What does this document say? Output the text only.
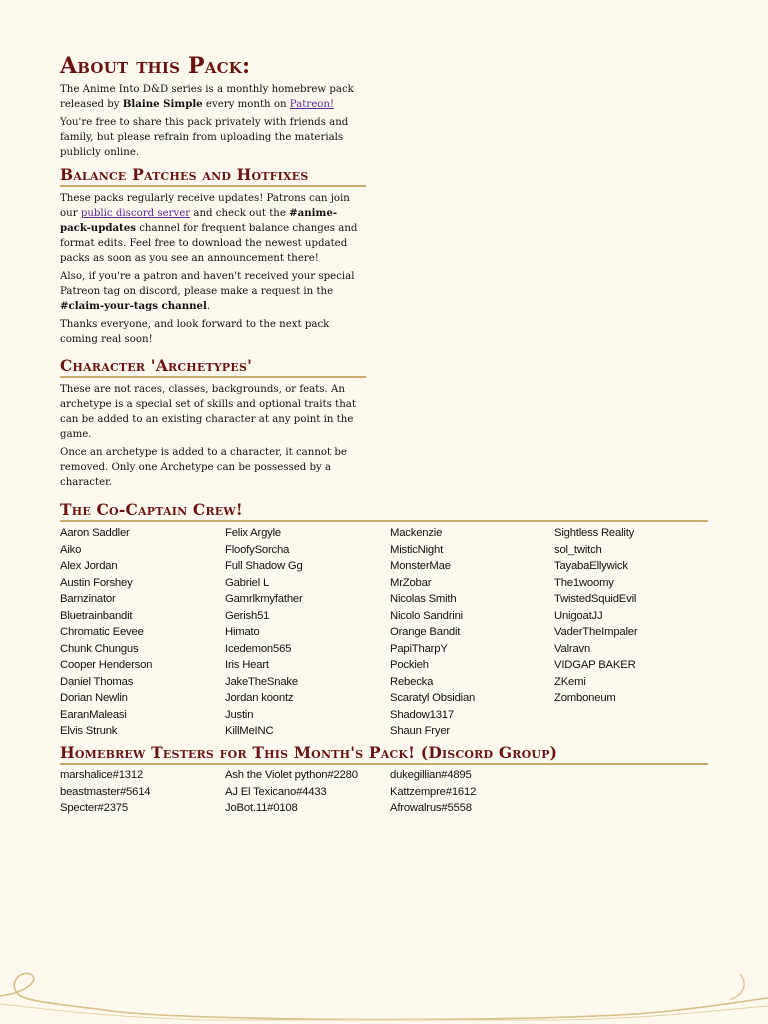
About this Pack:

The Anime Into D&D series is a monthly homebrew pack released by Blaine Simple every month on Patreon!

You're free to share this pack privately with friends and family, but please refrain from uploading the materials publicly online.

Balance Patches and Hotfixes

These packs regularly receive updates! Patrons can join our public discord server and check out the #anime-pack-updates channel for frequent balance changes and format edits. Feel free to download the newest updated packs as soon as you see an announcement there!

Also, if you're a patron and haven't received your special Patreon tag on discord, please make a request in the #claim-your-tags channel.

Thanks everyone, and look forward to the next pack coming real soon!

Character 'Archetypes'

These are not races, classes, backgrounds, or feats. An archetype is a special set of skills and optional traits that can be added to an existing character at any point in the game.

Once an archetype is added to a character, it cannot be removed. Only one Archetype can be possessed by a character.

The Co-Captain Crew!
Aaron Saddler
Aiko
Alex Jordan
Austin Forshey
Barnzinator
Bluetrainbandit
Chromatic Eevee
Chunk Chungus
Cooper Henderson
Daniel Thomas
Dorian Newlin
EaranMaleasi
Elvis Strunk
Felix Argyle
FloofySorcha
Full Shadow Gg
Gabriel L
Gamrlkmyfather
Gerish51
Himato
Icedemon565
Iris Heart
JakeTheSnake
Jordan koontz
Justin
KillMeINC
Mackenzie
MisticNight
MonsterMae
MrZobar
Nicolas Smith
Nicolo Sandrini
Orange Bandit
PapiTharpY
Pockieh
Rebecka
Scaratyl Obsidian
Shadow1317
Shaun Fryer
Sightless Reality
sol_twitch
TayabaEllywick
The1woomy
TwistedSquidEvil
UnigoatJJ
VaderTheImpaler
Valravn
VIDGAP BAKER
ZKemi
Zomboneum
Homebrew Testers for This Month's Pack! (Discord Group)
marshalice#1312
beastmaster#5614
Specter#2375
Ash the Violet python#2280
AJ El Texicano#4433
JoBot.11#0108
dukegillian#4895
Kattzempre#1612
Afrowalrus#5558
